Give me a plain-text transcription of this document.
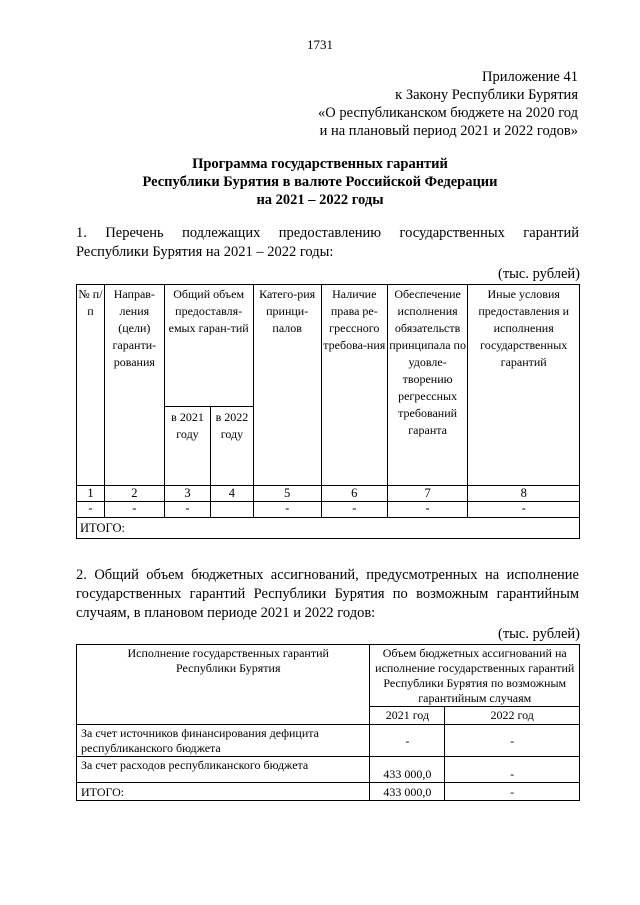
1731
Приложение 41
к Закону Республики Бурятия
«О республиканском бюджете на 2020 год
и на плановый период 2021 и 2022 годов»
Программа государственных гарантий
Республики Бурятия в валюте Российской Федерации
на 2021 – 2022 годы
1. Перечень подлежащих предоставлению государственных гарантий Республики Бурятия на 2021 – 2022 годы:
(тыс. рублей)
№ п/п	Направ-ления (цели) гаранти-рования	Общий объем предоставля-емых гаран-тий		Катего-рия принци-палов	Наличие права ре-грессного требова-ния	Обеспечение исполнения обязательств принципала по удовле-творению регрессных требований гаранта	Иные условия предоставления и исполнения государственных гарантий
		в 2021 году	в 2022 году				
1	2	3	4	5	6	7	8
-	-	-		-	-	-	-
ИТОГО:							
2. Общий объем бюджетных ассигнований, предусмотренных на исполнение государственных гарантий Республики Бурятия по возможным гарантийным случаям, в плановом периоде 2021 и 2022 годов:
(тыс. рублей)
Исполнение государственных гарантий Республики Бурятия	Объем бюджетных ассигнований на исполнение государственных гарантий Республики Бурятия по возможным гарантийным случаям	
	2021 год	2022 год
За счет источников финансирования дефицита республиканского бюджета	-	-
За счет расходов республиканского бюджета	433 000,0	-
ИТОГО:	433 000,0	-
